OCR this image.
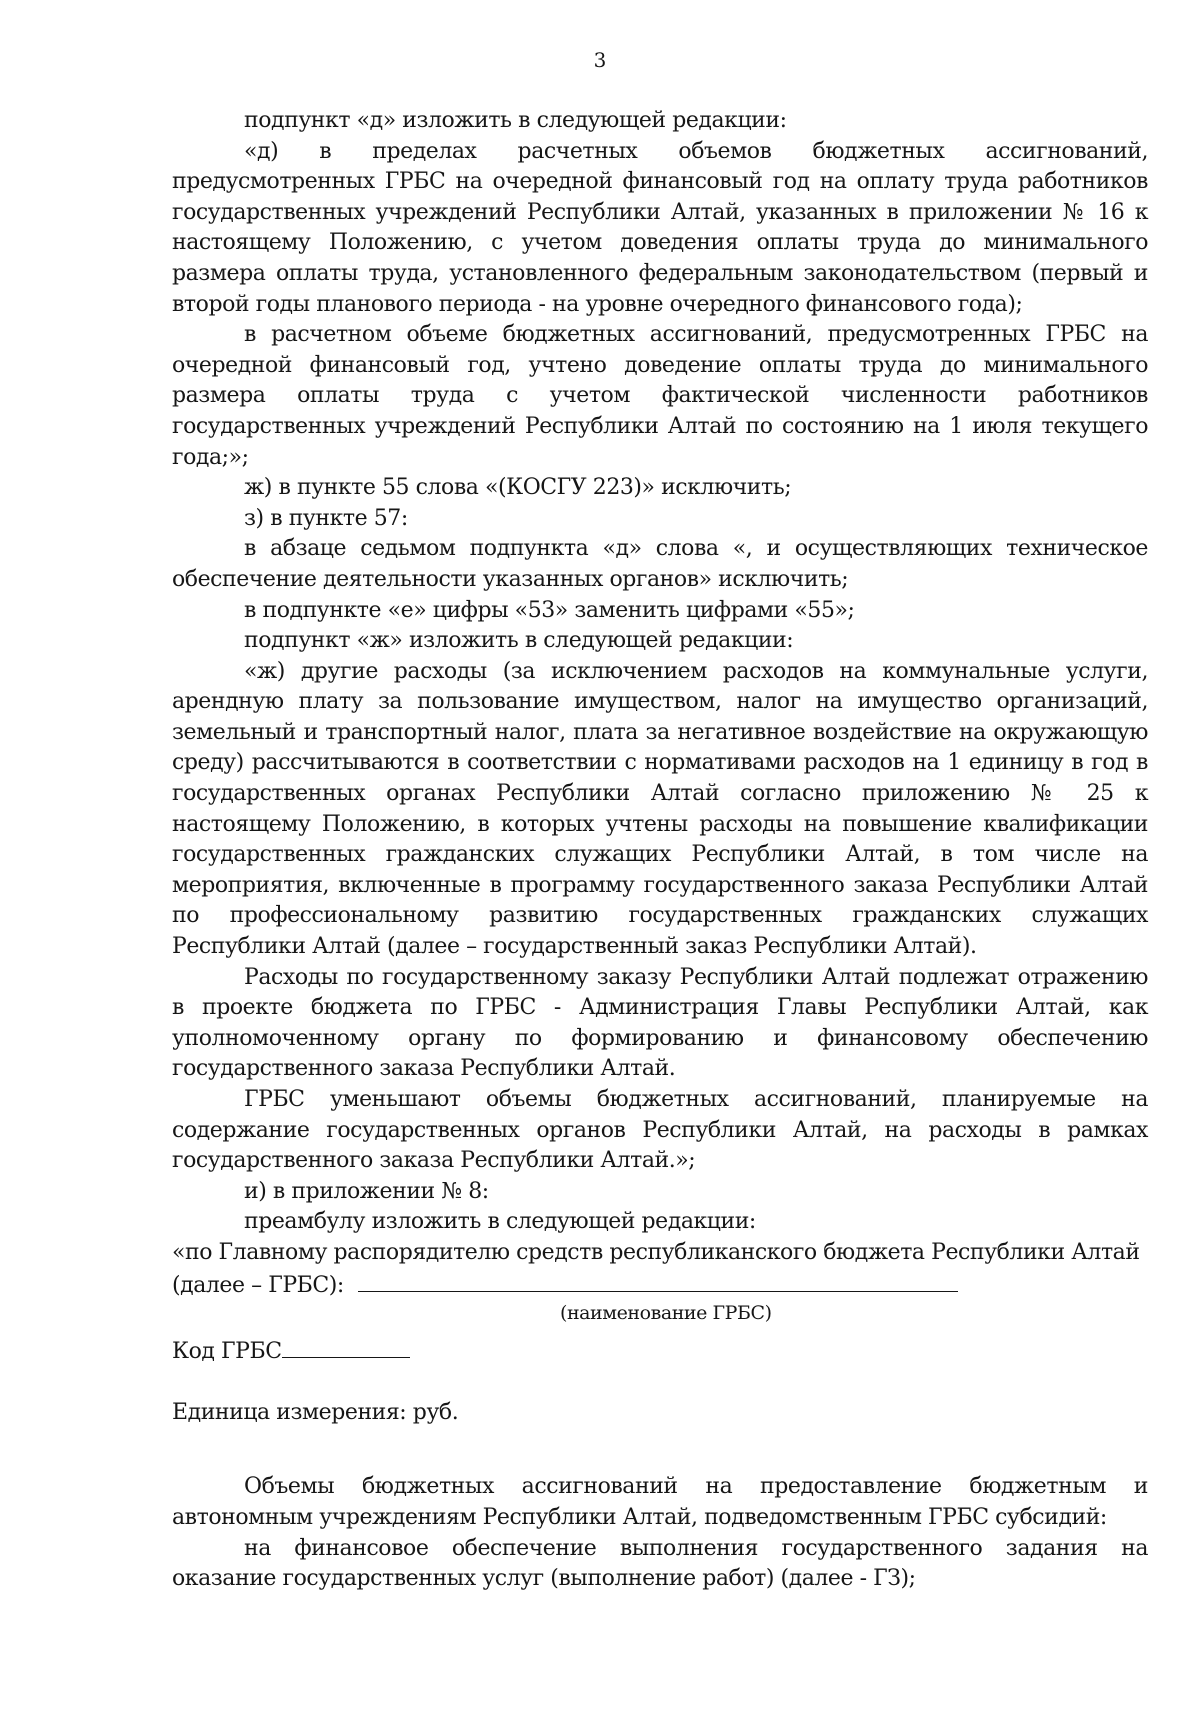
3

подпункт «д» изложить в следующей редакции:

«д) в пределах расчетных объемов бюджетных ассигнований, предусмотренных ГРБС на очередной финансовый год на оплату труда работников государственных учреждений Республики Алтай, указанных в приложении № 16 к настоящему Положению, с учетом доведения оплаты труда до минимального размера оплаты труда, установленного федеральным законодательством (первый и второй годы планового периода - на уровне очередного финансового года);

в расчетном объеме бюджетных ассигнований, предусмотренных ГРБС на очередной финансовый год, учтено доведение оплаты труда до минимального размера оплаты труда с учетом фактической численности работников государственных учреждений Республики Алтай по состоянию на 1 июля текущего года;»;

ж) в пункте 55 слова «(КОСГУ 223)» исключить;

з) в пункте 57:

в абзаце седьмом подпункта «д» слова «, и осуществляющих техническое обеспечение деятельности указанных органов» исключить;

в подпункте «е» цифры «53» заменить цифрами «55»;

подпункт «ж» изложить в следующей редакции:

«ж) другие расходы (за исключением расходов на коммунальные услуги, арендную плату за пользование имуществом, налог на имущество организаций, земельный и транспортный налог, плата за негативное воздействие на окружающую среду) рассчитываются в соответствии с нормативами расходов на 1 единицу в год в государственных органах Республики Алтай согласно приложению № 25 к настоящему Положению, в которых учтены расходы на повышение квалификации государственных гражданских служащих Республики Алтай, в том числе на мероприятия, включенные в программу государственного заказа Республики Алтай по профессиональному развитию государственных гражданских служащих Республики Алтай (далее – государственный заказ Республики Алтай).

Расходы по государственному заказу Республики Алтай подлежат отражению в проекте бюджета по ГРБС - Администрация Главы Республики Алтай, как уполномоченному органу по формированию и финансовому обеспечению государственного заказа Республики Алтай.

ГРБС уменьшают объемы бюджетных ассигнований, планируемые на содержание государственных органов Республики Алтай, на расходы в рамках государственного заказа Республики Алтай.»;

и) в приложении № 8:

преамбулу изложить в следующей редакции:

«по Главному распорядителю средств республиканского бюджета Республики Алтай

(далее – ГРБС):

(наименование ГРБС)

Код ГРБС

Единица измерения: руб.

Объемы бюджетных ассигнований на предоставление бюджетным и автономным учреждениям Республики Алтай, подведомственным ГРБС субсидий:

на финансовое обеспечение выполнения государственного задания на оказание государственных услуг (выполнение работ) (далее - ГЗ);
